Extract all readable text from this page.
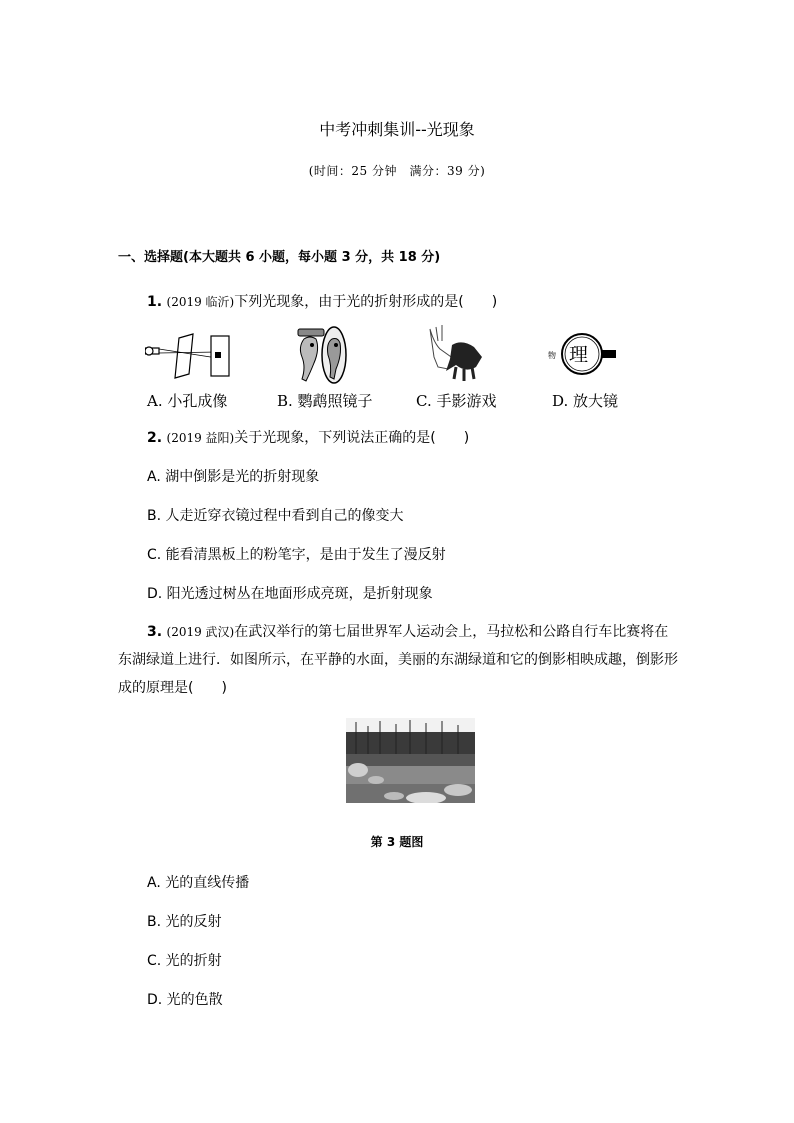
中考冲刺集训--光现象
(时间：25 分钟　满分：39 分)
一、选择题(本大题共 6 小题，每小题 3 分，共 18 分)
1. (2019 临沂)下列光现象，由于光的折射形成的是(　　)
物 理
A. 小孔成像	B. 鹦鹉照镜子	C. 手影游戏	D. 放大镜
2. (2019 益阳)关于光现象，下列说法正确的是(　　)
A. 湖中倒影是光的折射现象
B. 人走近穿衣镜过程中看到自己的像变大
C. 能看清黑板上的粉笔字，是由于发生了漫反射
D. 阳光透过树丛在地面形成亮斑，是折射现象
3. (2019 武汉)在武汉举行的第七届世界军人运动会上，马拉松和公路自行车比赛将在东湖绿道上进行．如图所示，在平静的水面，美丽的东湖绿道和它的倒影相映成趣，倒影形成的原理是(　　)
第 3 题图
A. 光的直线传播
B. 光的反射
C. 光的折射
D. 光的色散
